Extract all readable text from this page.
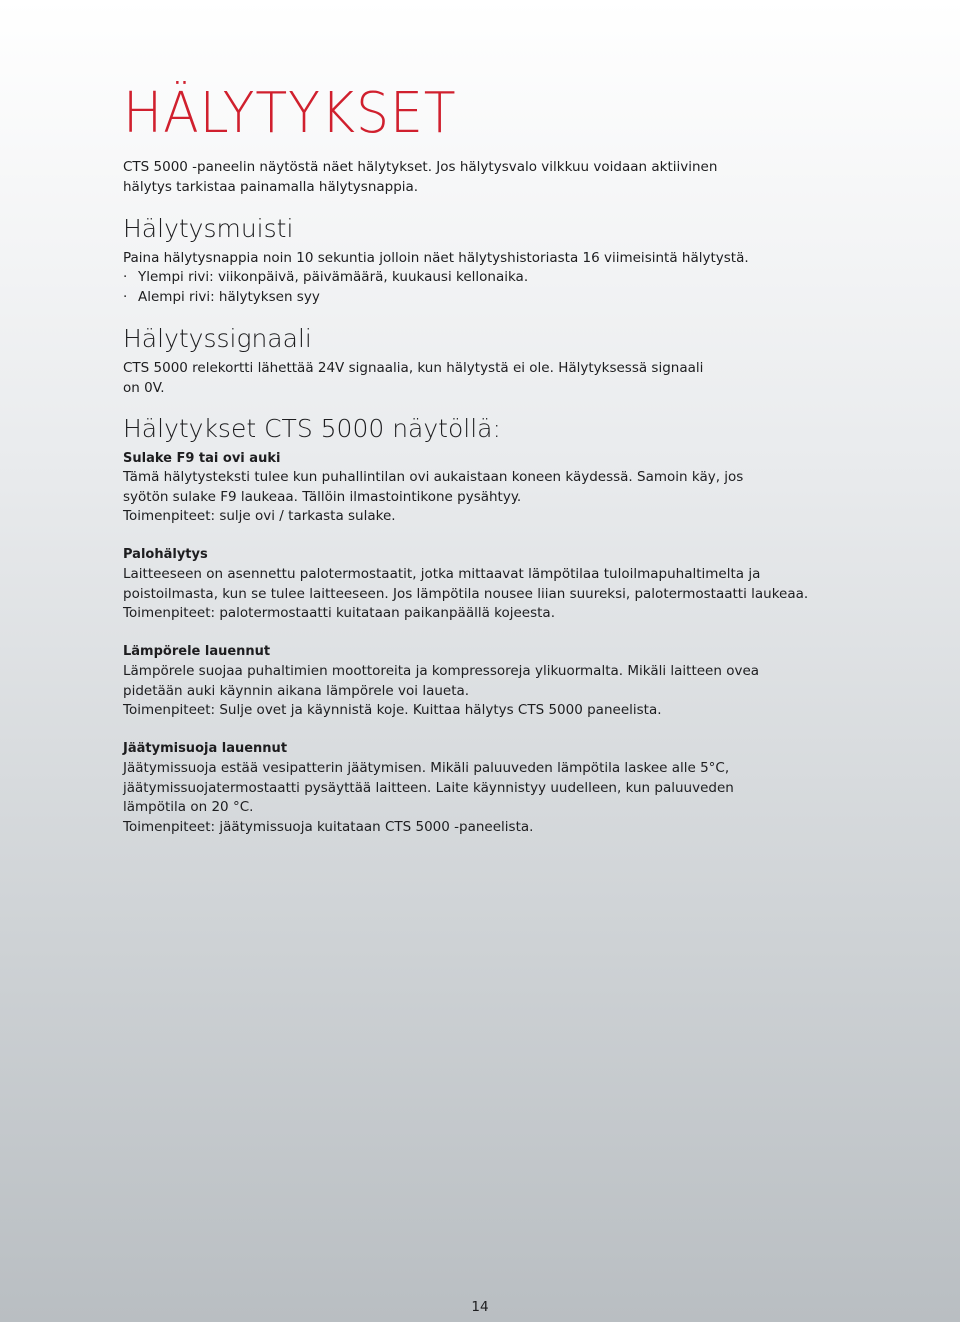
HÄLYTYKSET

CTS 5000 -paneelin näytöstä näet hälytykset. Jos hälytysvalo vilkkuu voidaan aktiivinen
hälytys tarkistaa painamalla hälytysnappia.

Hälytysmuisti

Paina hälytysnappia noin 10 sekuntia jolloin näet hälytyshistoriasta 16 viimeisintä hälytystä.

· Ylempi rivi: viikonpäivä, päivämäärä, kuukausi kellonaika.

· Alempi rivi: hälytyksen syy

Hälytyssignaali

CTS 5000 relekortti lähettää 24V signaalia, kun hälytystä ei ole. Hälytyksessä signaali
on 0V.

Hälytykset CTS 5000 näytöllä:

Sulake F9 tai ovi auki

Tämä hälytysteksti tulee kun puhallintilan ovi aukaistaan koneen käydessä. Samoin käy, jos
syötön sulake F9 laukeaa. Tällöin ilmastointikone pysähtyy.
Toimenpiteet: sulje ovi / tarkasta sulake.

Palohälytys

Laitteeseen on asennettu palotermostaatit, jotka mittaavat lämpötilaa tuloilmapuhaltimelta ja
poistoilmasta, kun se tulee laitteeseen. Jos lämpötila nousee liian suureksi, palotermostaatti laukeaa.
Toimenpiteet: palotermostaatti kuitataan paikanpäällä kojeesta.

Lämpörele lauennut

Lämpörele suojaa puhaltimien moottoreita ja kompressoreja ylikuormalta. Mikäli laitteen ovea
pidetään auki käynnin aikana lämpörele voi laueta.
Toimenpiteet: Sulje ovet ja käynnistä koje. Kuittaa hälytys CTS 5000 paneelista.

Jäätymisuoja lauennut

Jäätymissuoja estää vesipatterin jäätymisen. Mikäli paluuveden lämpötila laskee alle 5°C,
jäätymissuojatermostaatti pysäyttää laitteen. Laite käynnistyy uudelleen, kun paluuveden
lämpötila on 20 °C.
Toimenpiteet: jäätymissuoja kuitataan CTS 5000 -paneelista.

14
